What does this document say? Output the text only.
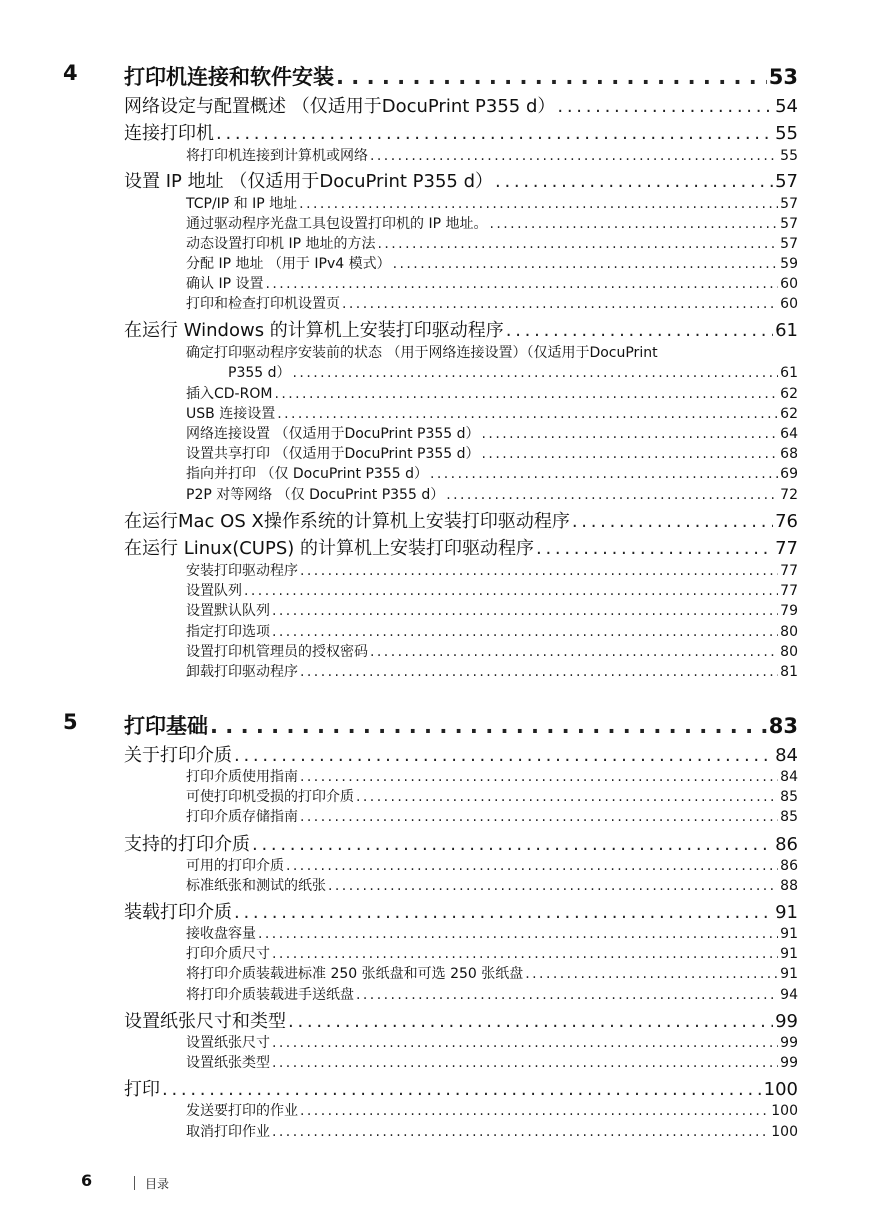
4 打印机连接和软件安装 . . .	53
网络设定与配置概述 （仅适用于DocuPrint P355 d） . . .	54
连接打印机 . . .	55
将打印机连接到计算机或网络 . . .	55
设置 IP 地址 （仅适用于DocuPrint P355 d） . . .	57
TCP/IP 和 IP 地址 . . .	57
通过驱动程序光盘工具包设置打印机的 IP 地址。 . . .	57
动态设置打印机 IP 地址的方法 . . .	57
分配 IP 地址 （用于 IPv4 模式） . . .	59
确认 IP 设置 . . .	60
打印和检查打印机设置页 . . .	60
在运行 Windows 的计算机上安装打印驱动程序 . . .	61
确定打印驱动程序安装前的状态 （用于网络连接设置）（仅适用于DocuPrint
P355 d） . . .	61
插入CD-ROM . . .	62
USB 连接设置 . . .	62
网络连接设置 （仅适用于DocuPrint P355 d） . . .	64
设置共享打印 （仅适用于DocuPrint P355 d） . . .	68
指向并打印 （仅 DocuPrint P355 d） . . .	69
P2P 对等网络 （仅 DocuPrint P355 d） . . .	72
在运行Mac OS X操作系统的计算机上安装打印驱动程序 . . .	76
在运行 Linux(CUPS) 的计算机上安装打印驱动程序 . . .	77
安装打印驱动程序 . . .	77
设置队列 . . .	77
设置默认队列 . . .	79
指定打印选项 . . .	80
设置打印机管理员的授权密码 . . .	80
卸载打印驱动程序 . . .	81
5 打印基础 . . .	83
关于打印介质 . . .	84
打印介质使用指南 . . .	84
可使打印机受损的打印介质 . . .	85
打印介质存储指南 . . .	85
支持的打印介质 . . .	86
可用的打印介质 . . .	86
标准纸张和测试的纸张 . . .	88
装载打印介质 . . .	91
接收盘容量 . . .	91
打印介质尺寸 . . .	91
将打印介质装载进标准 250 张纸盘和可选 250 张纸盘 . . .	91
将打印介质装载进手送纸盘 . . .	94
设置纸张尺寸和类型 . . .	99
设置纸张尺寸 . . .	99
设置纸张类型 . . .	99
打印 . . .	100
发送要打印的作业 . . .	100
取消打印作业 . . .	100
6	目录
